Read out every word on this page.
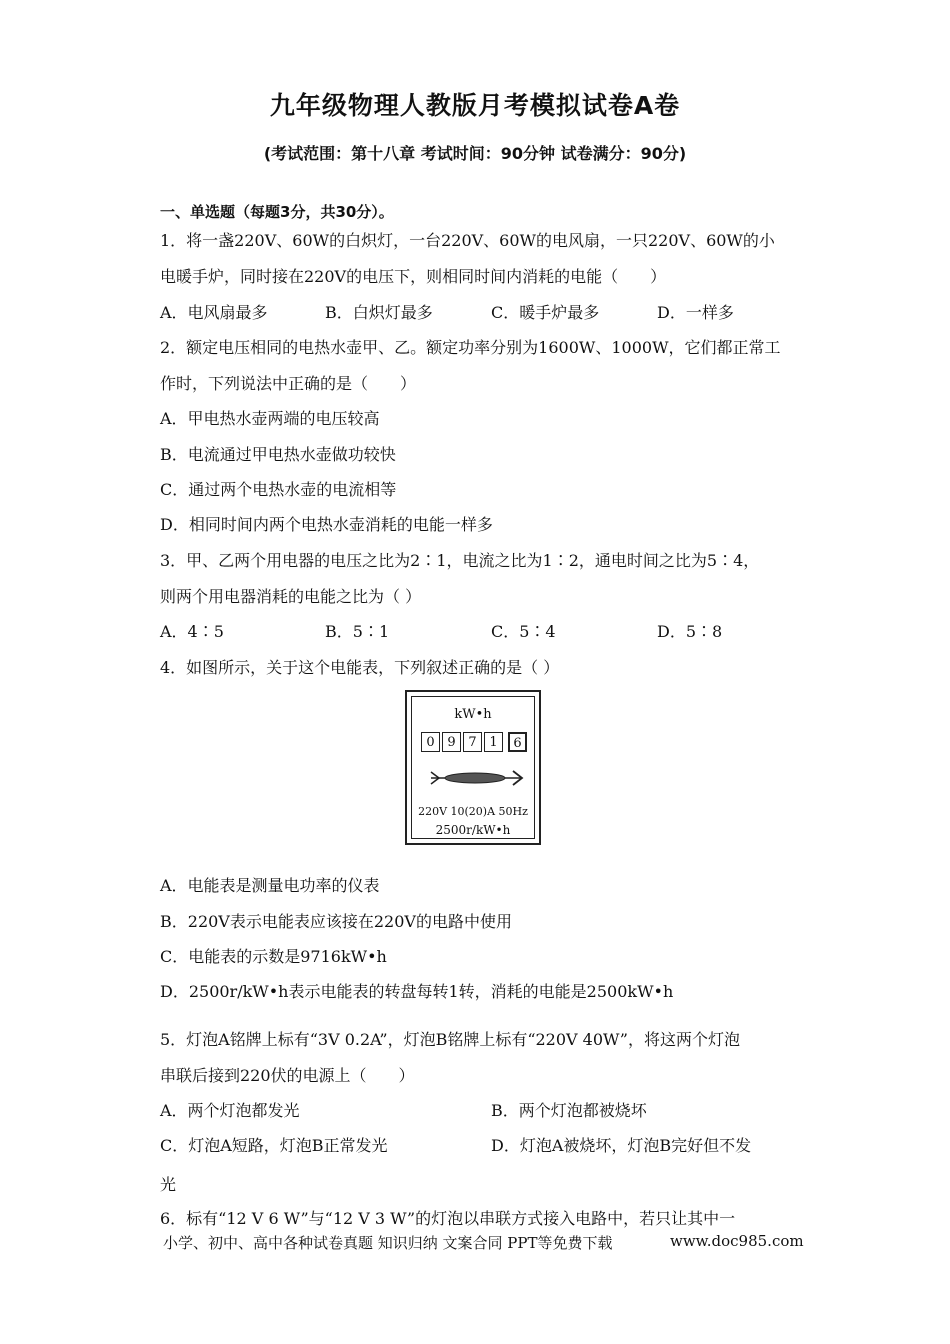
九年级物理人教版月考模拟试卷A卷
(考试范围：第十八章 考试时间：90分钟 试卷满分：90分)
一、单选题（每题3分，共30分）。
1．将一盏220V、60W的白炽灯，一台220V、60W的电风扇，一只220V、60W的小
电暖手炉，同时接在220V的电压下，则相同时间内消耗的电能（　　）
A．电风扇最多	B．白炽灯最多	C．暖手炉最多	D．一样多
2．额定电压相同的电热水壶甲、乙。额定功率分别为1600W、1000W，它们都正常工
作时，下列说法中正确的是（　　）
A．甲电热水壶两端的电压较高
B．电流通过甲电热水壶做功较快
C．通过两个电热水壶的电流相等
D．相同时间内两个电热水壶消耗的电能一样多
3．甲、乙两个用电器的电压之比为2∶1，电流之比为1∶2，通电时间之比为5∶4，
则两个用电器消耗的电能之比为（ ）
A．4∶5	B．5∶1	C．5∶4	D．5∶8
4．如图所示，关于这个电能表，下列叙述正确的是（ ）
kW•h
0 9 7 1	6
220V 10(20)A 50Hz
2500r/kW•h
A．电能表是测量电功率的仪表
B．220V表示电能表应该接在220V的电路中使用
C．电能表的示数是9716kW•h
D．2500r/kW•h表示电能表的转盘每转1转，消耗的电能是2500kW•h
5．灯泡A铭牌上标有“3V 0.2A”，灯泡B铭牌上标有“220V 40W”，将这两个灯泡
串联后接到220伏的电源上（　　）
A．两个灯泡都发光	B．两个灯泡都被烧坏
C．灯泡A短路，灯泡B正常发光	D．灯泡A被烧坏，灯泡B完好但不发
光
6．标有“12 V 6 W”与“12 V 3 W”的灯泡以串联方式接入电路中，若只让其中一
小学、初中、高中各种试卷真题 知识归纳 文案合同 PPT等免费下载	www.doc985.com
